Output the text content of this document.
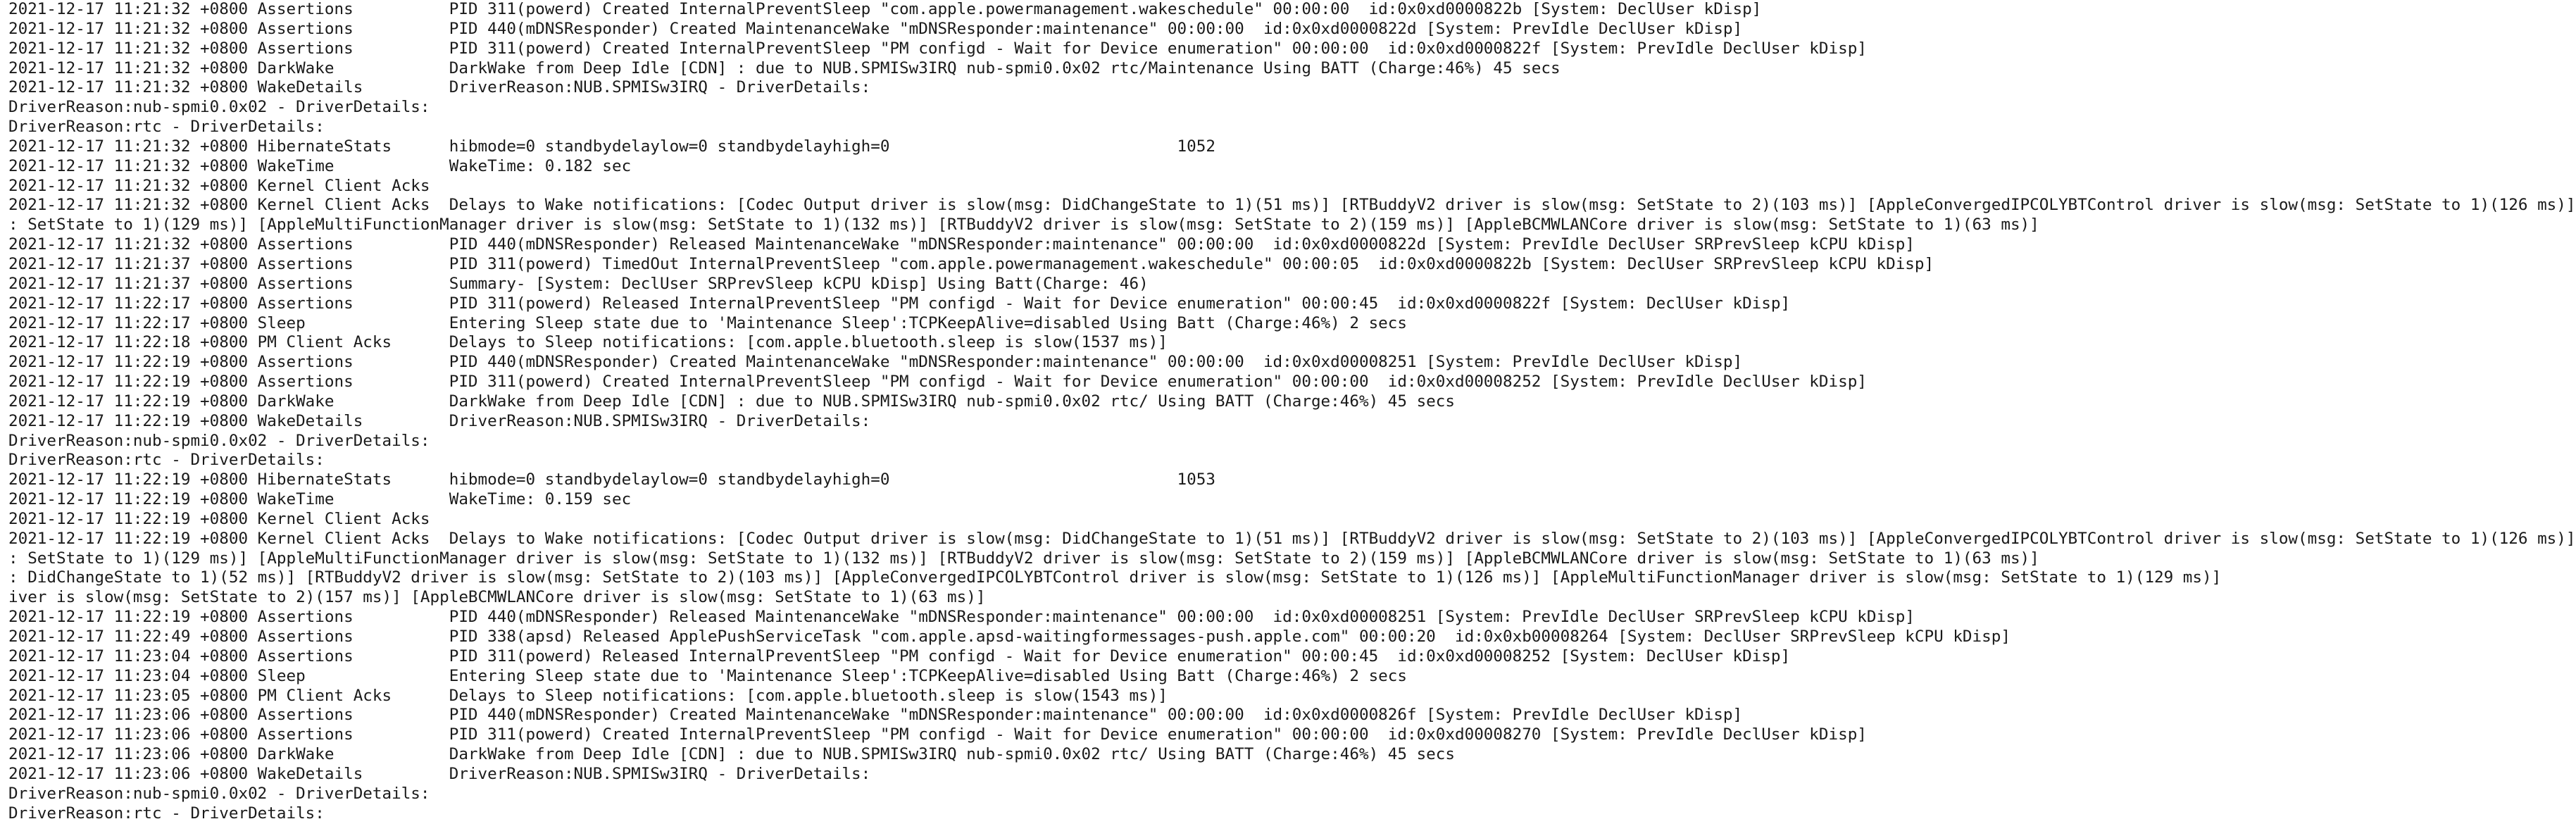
2021-12-17 11:21:32 +0800 Assertions          PID 311(powerd) Created InternalPreventSleep "com.apple.powermanagement.wakeschedule" 00:00:00  id:0x0xd0000822b [System: DeclUser kDisp]
2021-12-17 11:21:32 +0800 Assertions          PID 440(mDNSResponder) Created MaintenanceWake "mDNSResponder:maintenance" 00:00:00  id:0x0xd0000822d [System: PrevIdle DeclUser kDisp]
2021-12-17 11:21:32 +0800 Assertions          PID 311(powerd) Created InternalPreventSleep "PM configd - Wait for Device enumeration" 00:00:00  id:0x0xd0000822f [System: PrevIdle DeclUser kDisp]
2021-12-17 11:21:32 +0800 DarkWake            DarkWake from Deep Idle [CDN] : due to NUB.SPMISw3IRQ nub-spmi0.0x02 rtc/Maintenance Using BATT (Charge:46%) 45 secs
2021-12-17 11:21:32 +0800 WakeDetails         DriverReason:NUB.SPMISw3IRQ - DriverDetails:
DriverReason:nub-spmi0.0x02 - DriverDetails:
DriverReason:rtc - DriverDetails:
2021-12-17 11:21:32 +0800 HibernateStats      hibmode=0 standbydelaylow=0 standbydelayhigh=0                              1052
2021-12-17 11:21:32 +0800 WakeTime            WakeTime: 0.182 sec
2021-12-17 11:21:32 +0800 Kernel Client Acks
2021-12-17 11:21:32 +0800 Kernel Client Acks  Delays to Wake notifications: [Codec Output driver is slow(msg: DidChangeState to 1)(51 ms)] [RTBuddyV2 driver is slow(msg: SetState to 2)(103 ms)] [AppleConvergedIPCOLYBTControl driver is slow(msg: SetState to 1)(126 ms)]
: SetState to 1)(129 ms)] [AppleMultiFunctionManager driver is slow(msg: SetState to 1)(132 ms)] [RTBuddyV2 driver is slow(msg: SetState to 2)(159 ms)] [AppleBCMWLANCore driver is slow(msg: SetState to 1)(63 ms)]
2021-12-17 11:21:32 +0800 Assertions          PID 440(mDNSResponder) Released MaintenanceWake "mDNSResponder:maintenance" 00:00:00  id:0x0xd0000822d [System: PrevIdle DeclUser SRPrevSleep kCPU kDisp]
2021-12-17 11:21:37 +0800 Assertions          PID 311(powerd) TimedOut InternalPreventSleep "com.apple.powermanagement.wakeschedule" 00:00:05  id:0x0xd0000822b [System: DeclUser SRPrevSleep kCPU kDisp]
2021-12-17 11:21:37 +0800 Assertions          Summary- [System: DeclUser SRPrevSleep kCPU kDisp] Using Batt(Charge: 46)
2021-12-17 11:22:17 +0800 Assertions          PID 311(powerd) Released InternalPreventSleep "PM configd - Wait for Device enumeration" 00:00:45  id:0x0xd0000822f [System: DeclUser kDisp]
2021-12-17 11:22:17 +0800 Sleep               Entering Sleep state due to 'Maintenance Sleep':TCPKeepAlive=disabled Using Batt (Charge:46%) 2 secs
2021-12-17 11:22:18 +0800 PM Client Acks      Delays to Sleep notifications: [com.apple.bluetooth.sleep is slow(1537 ms)]
2021-12-17 11:22:19 +0800 Assertions          PID 440(mDNSResponder) Created MaintenanceWake "mDNSResponder:maintenance" 00:00:00  id:0x0xd00008251 [System: PrevIdle DeclUser kDisp]
2021-12-17 11:22:19 +0800 Assertions          PID 311(powerd) Created InternalPreventSleep "PM configd - Wait for Device enumeration" 00:00:00  id:0x0xd00008252 [System: PrevIdle DeclUser kDisp]
2021-12-17 11:22:19 +0800 DarkWake            DarkWake from Deep Idle [CDN] : due to NUB.SPMISw3IRQ nub-spmi0.0x02 rtc/ Using BATT (Charge:46%) 45 secs
2021-12-17 11:22:19 +0800 WakeDetails         DriverReason:NUB.SPMISw3IRQ - DriverDetails:
DriverReason:nub-spmi0.0x02 - DriverDetails:
DriverReason:rtc - DriverDetails:
2021-12-17 11:22:19 +0800 HibernateStats      hibmode=0 standbydelaylow=0 standbydelayhigh=0                              1053
2021-12-17 11:22:19 +0800 WakeTime            WakeTime: 0.159 sec
2021-12-17 11:22:19 +0800 Kernel Client Acks
2021-12-17 11:22:19 +0800 Kernel Client Acks  Delays to Wake notifications: [Codec Output driver is slow(msg: DidChangeState to 1)(51 ms)] [RTBuddyV2 driver is slow(msg: SetState to 2)(103 ms)] [AppleConvergedIPCOLYBTControl driver is slow(msg: SetState to 1)(126 ms)]
: SetState to 1)(129 ms)] [AppleMultiFunctionManager driver is slow(msg: SetState to 1)(132 ms)] [RTBuddyV2 driver is slow(msg: SetState to 2)(159 ms)] [AppleBCMWLANCore driver is slow(msg: SetState to 1)(63 ms)]
: DidChangeState to 1)(52 ms)] [RTBuddyV2 driver is slow(msg: SetState to 2)(103 ms)] [AppleConvergedIPCOLYBTControl driver is slow(msg: SetState to 1)(126 ms)] [AppleMultiFunctionManager driver is slow(msg: SetState to 1)(129 ms)]
iver is slow(msg: SetState to 2)(157 ms)] [AppleBCMWLANCore driver is slow(msg: SetState to 1)(63 ms)]
2021-12-17 11:22:19 +0800 Assertions          PID 440(mDNSResponder) Released MaintenanceWake "mDNSResponder:maintenance" 00:00:00  id:0x0xd00008251 [System: PrevIdle DeclUser SRPrevSleep kCPU kDisp]
2021-12-17 11:22:49 +0800 Assertions          PID 338(apsd) Released ApplePushServiceTask "com.apple.apsd-waitingformessages-push.apple.com" 00:00:20  id:0x0xb00008264 [System: DeclUser SRPrevSleep kCPU kDisp]
2021-12-17 11:23:04 +0800 Assertions          PID 311(powerd) Released InternalPreventSleep "PM configd - Wait for Device enumeration" 00:00:45  id:0x0xd00008252 [System: DeclUser kDisp]
2021-12-17 11:23:04 +0800 Sleep               Entering Sleep state due to 'Maintenance Sleep':TCPKeepAlive=disabled Using Batt (Charge:46%) 2 secs
2021-12-17 11:23:05 +0800 PM Client Acks      Delays to Sleep notifications: [com.apple.bluetooth.sleep is slow(1543 ms)]
2021-12-17 11:23:06 +0800 Assertions          PID 440(mDNSResponder) Created MaintenanceWake "mDNSResponder:maintenance" 00:00:00  id:0x0xd0000826f [System: PrevIdle DeclUser kDisp]
2021-12-17 11:23:06 +0800 Assertions          PID 311(powerd) Created InternalPreventSleep "PM configd - Wait for Device enumeration" 00:00:00  id:0x0xd00008270 [System: PrevIdle DeclUser kDisp]
2021-12-17 11:23:06 +0800 DarkWake            DarkWake from Deep Idle [CDN] : due to NUB.SPMISw3IRQ nub-spmi0.0x02 rtc/ Using BATT (Charge:46%) 45 secs
2021-12-17 11:23:06 +0800 WakeDetails         DriverReason:NUB.SPMISw3IRQ - DriverDetails:
DriverReason:nub-spmi0.0x02 - DriverDetails:
DriverReason:rtc - DriverDetails:
